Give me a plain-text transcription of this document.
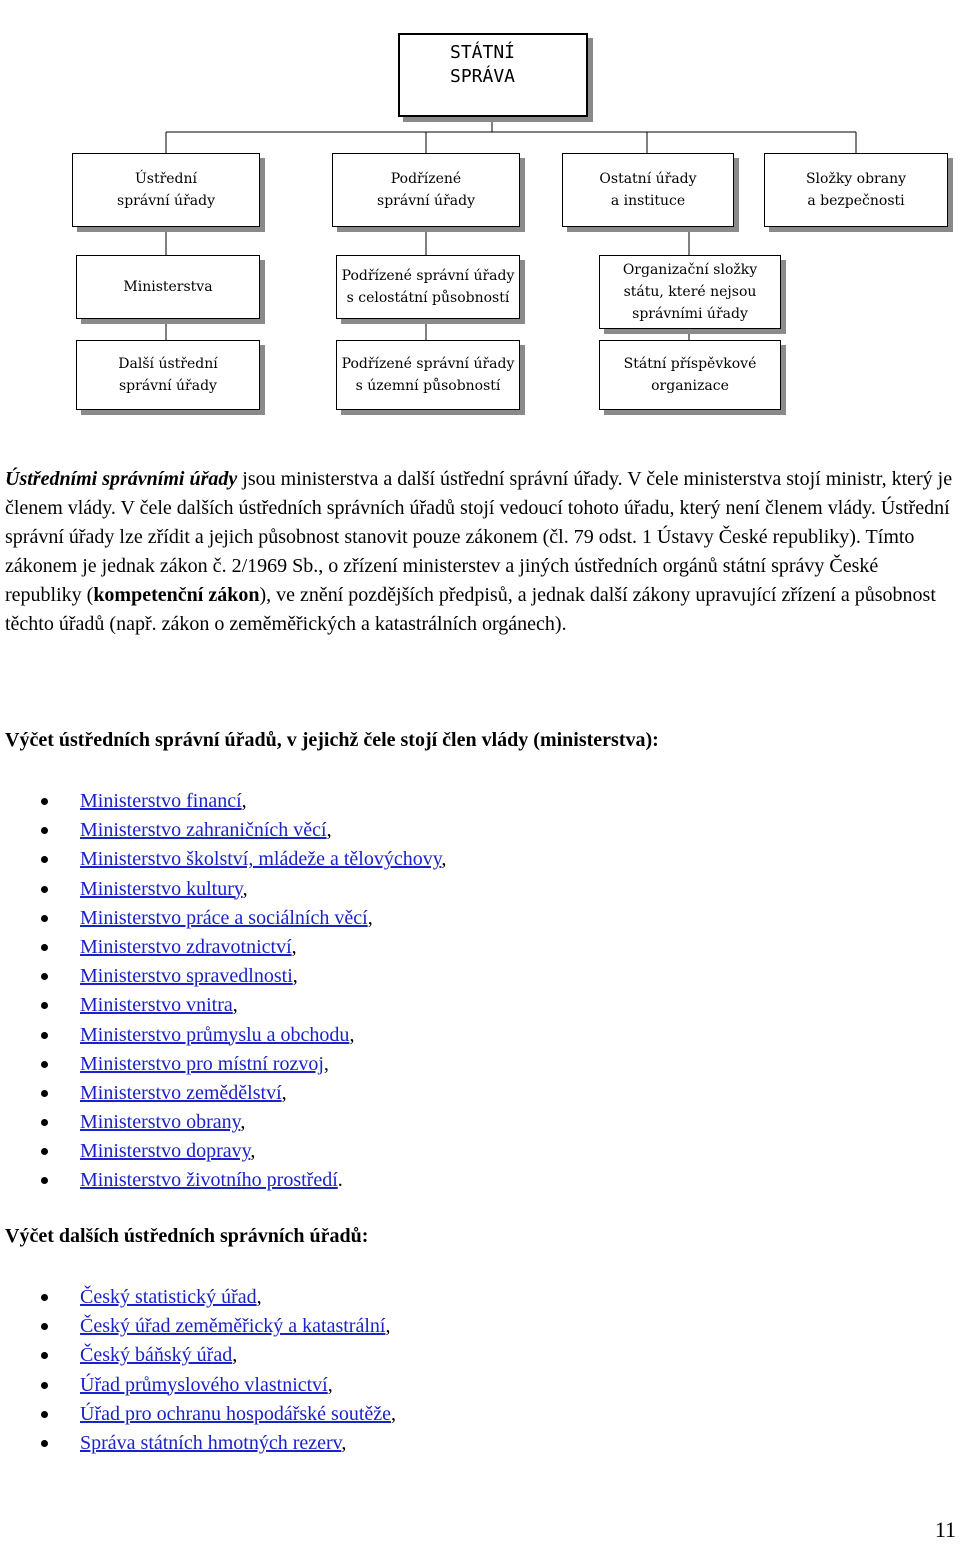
STÁTNÍ
SPRÁVA
Ústřední
správní úřady
Podřízené
správní úřady
Ostatní úřady
a instituce
Složky obrany
a bezpečnosti
Ministerstva
Další ústřední
správní úřady
Podřízené správní úřady
s celostátní působností
Podřízené správní úřady
s územní působností
Organizační složky
státu, které nejsou
správními úřady
Státní příspěvkové
organizace

Ústředními správními úřady jsou ministerstva a další ústřední správní úřady. V čele ministerstva stojí ministr, který je členem vlády. V čele dalších ústředních správních úřadů stojí vedoucí tohoto úřadu, který není členem vlády. Ústřední správní úřady lze zřídit a jejich působnost stanovit pouze zákonem (čl. 79 odst. 1 Ústavy České republiky). Tímto zákonem je jednak zákon č. 2/1969 Sb., o zřízení ministerstev a jiných ústředních orgánů státní správy České republiky (kompetenční zákon), ve znění pozdějších předpisů, a jednak další zákony upravující zřízení a působnost těchto úřadů (např. zákon o zeměměřických a katastrálních orgánech).

Výčet ústředních správní úřadů, v jejichž čele stojí člen vlády (ministerstva):
Ministerstvo financí,
Ministerstvo zahraničních věcí,
Ministerstvo školství, mládeže a tělovýchovy,
Ministerstvo kultury,
Ministerstvo práce a sociálních věcí,
Ministerstvo zdravotnictví,
Ministerstvo spravedlnosti,
Ministerstvo vnitra,
Ministerstvo průmyslu a obchodu,
Ministerstvo pro místní rozvoj,
Ministerstvo zemědělství,
Ministerstvo obrany,
Ministerstvo dopravy,
Ministerstvo životního prostředí.
Výčet dalších ústředních správních úřadů:
Český statistický úřad,
Český úřad zeměměřický a katastrální,
Český báňský úřad,
Úřad průmyslového vlastnictví,
Úřad pro ochranu hospodářské soutěže,
Správa státních hmotných rezerv,
11
